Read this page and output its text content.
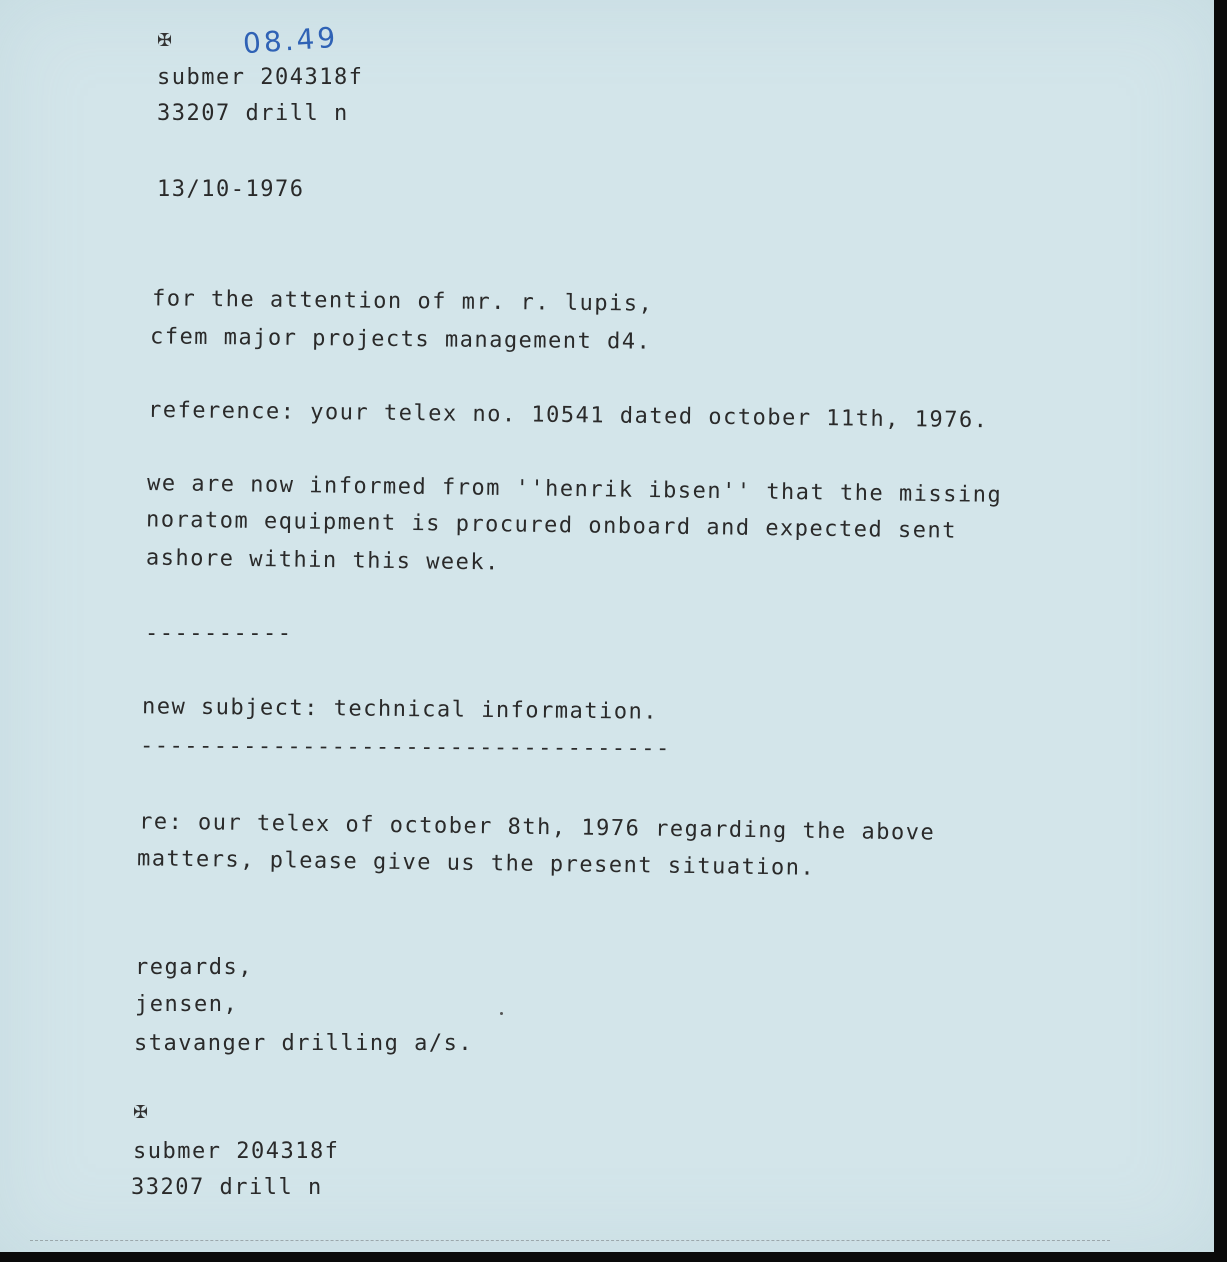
✠ 08.49
submer 204318f
33207 drill n
13/10-1976
for the attention of mr. r. lupis,
cfem major projects management d4.
reference: your telex no. 10541 dated october 11th, 1976.
we are now informed from ''henrik ibsen'' that the missing
noratom equipment is procured onboard and expected sent
ashore within this week.
----------
new subject: technical information.
------------------------------------
re: our telex of october 8th, 1976 regarding the above
matters, please give us the present situation.
regards,
jensen,
stavanger drilling a/s.
✠
submer 204318f
33207 drill n
